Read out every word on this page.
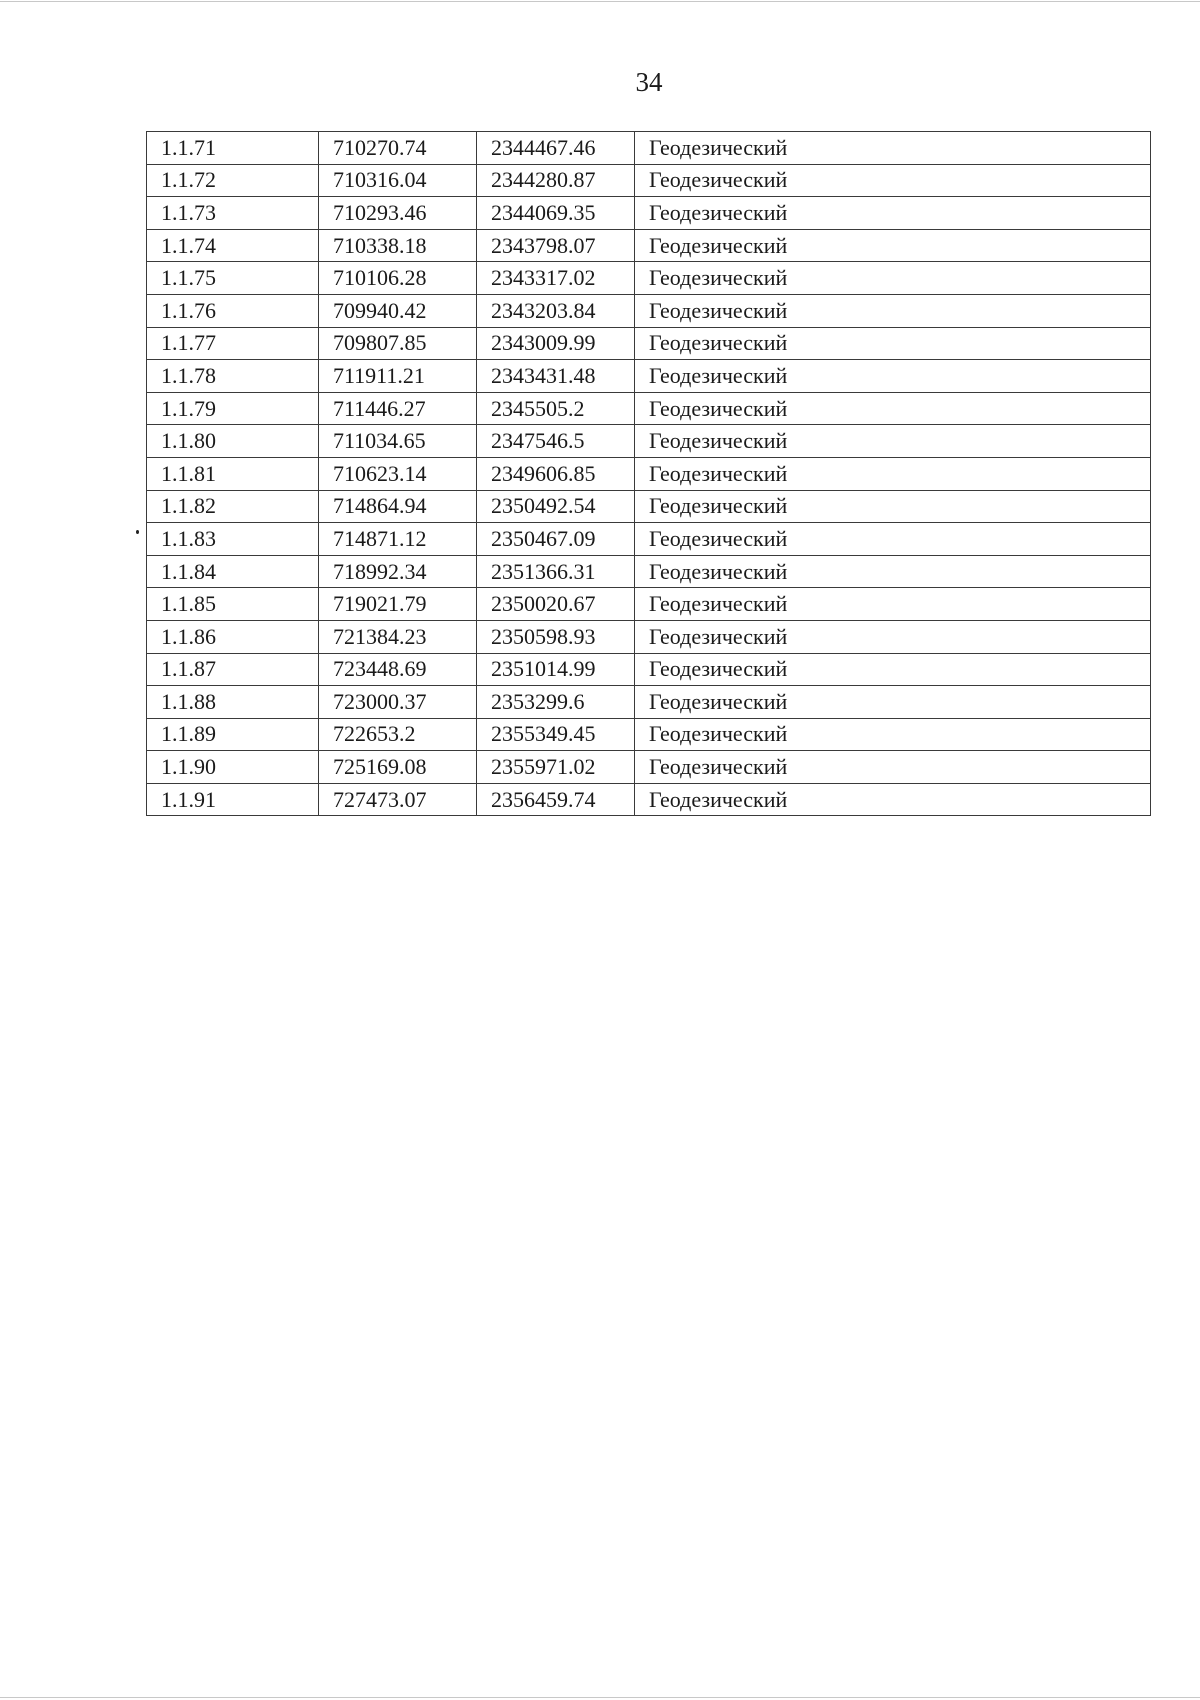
34
1.1.71	710270.74	2344467.46	Геодезический
1.1.72	710316.04	2344280.87	Геодезический
1.1.73	710293.46	2344069.35	Геодезический
1.1.74	710338.18	2343798.07	Геодезический
1.1.75	710106.28	2343317.02	Геодезический
1.1.76	709940.42	2343203.84	Геодезический
1.1.77	709807.85	2343009.99	Геодезический
1.1.78	711911.21	2343431.48	Геодезический
1.1.79	711446.27	2345505.2	Геодезический
1.1.80	711034.65	2347546.5	Геодезический
1.1.81	710623.14	2349606.85	Геодезический
1.1.82	714864.94	2350492.54	Геодезический
1.1.83	714871.12	2350467.09	Геодезический
1.1.84	718992.34	2351366.31	Геодезический
1.1.85	719021.79	2350020.67	Геодезический
1.1.86	721384.23	2350598.93	Геодезический
1.1.87	723448.69	2351014.99	Геодезический
1.1.88	723000.37	2353299.6	Геодезический
1.1.89	722653.2	2355349.45	Геодезический
1.1.90	725169.08	2355971.02	Геодезический
1.1.91	727473.07	2356459.74	Геодезический
